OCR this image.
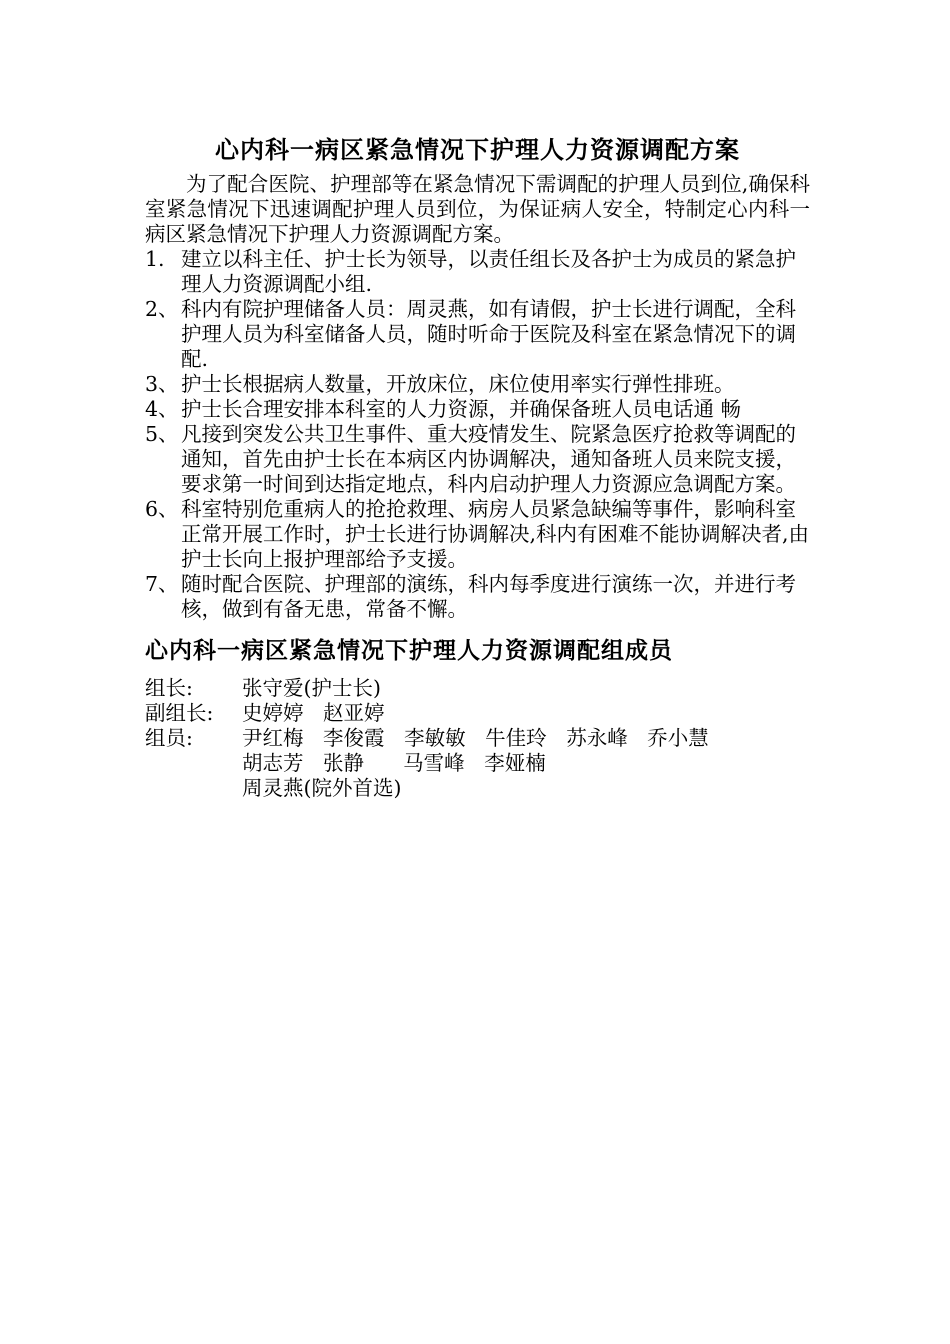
心内科一病区紧急情况下护理人力资源调配方案

为了配合医院、护理部等在紧急情况下需调配的护理人员到位,确保科室紧急情况下迅速调配护理人员到位，为保证病人安全，特制定心内科一病区紧急情况下护理人力资源调配方案。

1. 建立以科主任、护士长为领导，以责任组长及各护士为成员的紧急护理人力资源调配小组.
2、 科内有院护理储备人员：周灵燕，如有请假，护士长进行调配，全科护理人员为科室储备人员，随时听命于医院及科室在紧急情况下的调配.
3、 护士长根据病人数量，开放床位，床位使用率实行弹性排班。
4、 护士长合理安排本科室的人力资源，并确保备班人员电话通 畅
5、 凡接到突发公共卫生事件、重大疫情发生、院紧急医疗抢救等调配的通知，首先由护士长在本病区内协调解决，通知备班人员来院支援，要求第一时间到达指定地点，科内启动护理人力资源应急调配方案。
6、 科室特别危重病人的抢抢救理、病房人员紧急缺编等事件，影响科室正常开展工作时，护士长进行协调解决,科内有困难不能协调解决者,由护士长向上报护理部给予支援。
7、 随时配合医院、护理部的演练，科内每季度进行演练一次，并进行考核，做到有备无患，常备不懈。
心内科一病区紧急情况下护理人力资源调配组成员
组长:	张守爱(护士长)
副组长:	史婷婷   赵亚婷
组员:	尹红梅   李俊霞   李敏敏   牛佳玲   苏永峰   乔小慧
胡志芳   张静      马雪峰   李娅楠
周灵燕(院外首选)
